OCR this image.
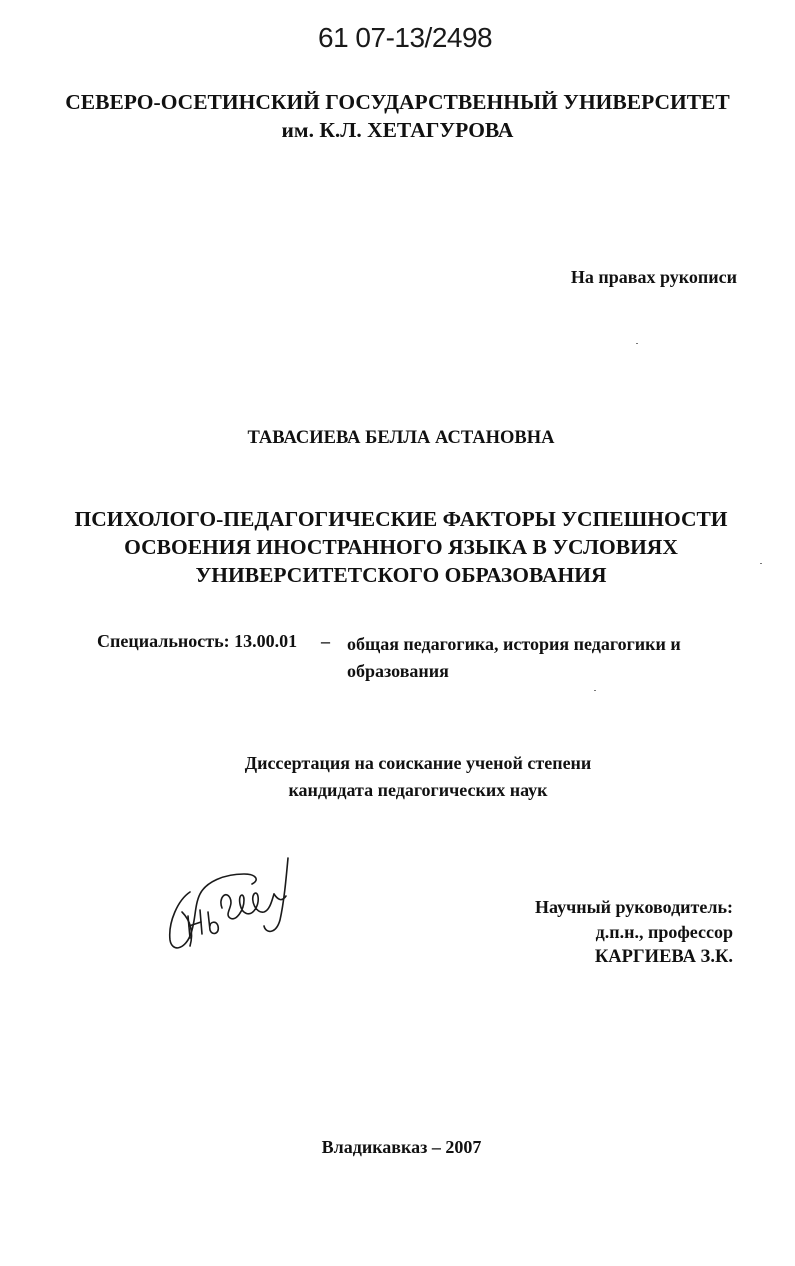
61 07-13/2498
СЕВЕРО-ОСЕТИНСКИЙ ГОСУДАРСТВЕННЫЙ УНИВЕРСИТЕТ
им. К.Л. ХЕТАГУРОВА
На правах рукописи
ТАВАСИЕВА БЕЛЛА АСТАНОВНА
ПСИХОЛОГО-ПЕДАГОГИЧЕСКИЕ ФАКТОРЫ УСПЕШНОСТИ
ОСВОЕНИЯ ИНОСТРАННОГО ЯЗЫКА В УСЛОВИЯХ
УНИВЕРСИТЕТСКОГО ОБРАЗОВАНИЯ
Специальность: 13.00.01 – общая педагогика, история педагогики и
образования
Диссертация на соискание ученой степени
кандидата педагогических наук
Научный руководитель:
д.п.н., профессор
КАРГИЕВА З.К.
Владикавказ – 2007
